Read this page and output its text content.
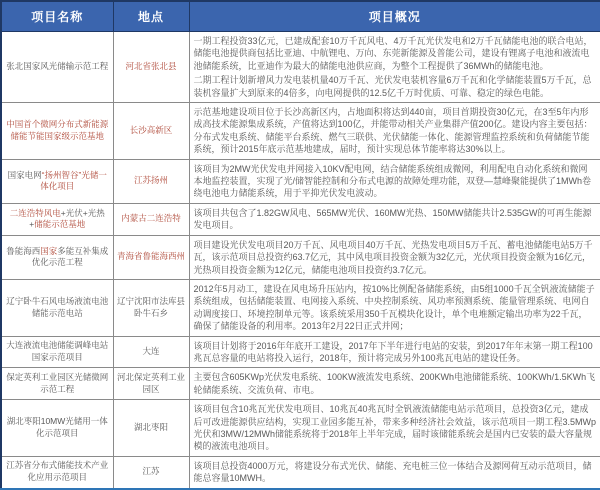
项目名称	地点	项目概况
张北国家风光储输示范工程	河北省张北县	一期工程投资33亿元，已建成配套10万千瓦风电、4万千瓦光伏发电和2万千瓦储能电池的联合电站，储能电池提供商包括比亚迪、中航锂电、万向、东莞新能源及普能公司，建设有锂离子电池和液流电池储能系统，比亚迪作为最大的储能电池供应商，为整个工程提供了36MWh的储能电池。
二期工程计划新增风力发电装机量40万千瓦、光伏发电装机容量6万千瓦和化学储能装置5万千瓦，总装机容量扩大到原来的4倍多，向电网提供的12.5亿千万时优质、可靠、稳定的绿色电能。

中国首个微网分布式新能源储能节能国家级示范基地	长沙高新区	示范基地建设项目位于长沙高新区内，占地面积将达到440亩，项目首期投资30亿元，在3至5年内形成高技术能源集成系统，产值将达到100亿，并能带动相关产业集群产值200亿。建设内容主要包括：分布式发电系统、储能平台系统、燃气三联供、光伏储能一体化、能源管理监控系统和负荷储能节能系统，预计2015年底示范基地建成，届时，预计实现总体节能率将达30%以上。

国家电网“扬州智谷”光储一体化项目	江苏扬州	该项目为2MW光伏发电并网接入10KV配电网，结合储能系统组成微网，利用配电自动化系统和微网本地监控装置，实现了光/储智能控制和分布式电源的故障处理功能，双登—慧峰聚能提供了1MWh卷绕电池电力储能系统，用于平抑光伏发电波动。

二连浩特风电+光伏+光热+储能示范基地	内蒙古二连浩特	该项目共包含了1.82GW风电、565MW光伏、160MW光热、150MW储能共计2.535GW的可再生能源发电项目。

鲁能海西国家多能互补集成优化示范工程	青海省鲁能海西州	项目建设光伏发电项目20万千瓦、风电项目40万千瓦、光热发电项目5万千瓦、蓄电池储能电站5万千瓦，该示范项目总投资约63.7亿元，其中风电项目投资金额为32亿元，光伏项目投资金额为16亿元，光热项目投资金额为12亿元，储能电池项目投资约3.7亿元。

辽宁卧牛石风电场液流电池储能示范电站	辽宁沈阳市法库县卧牛石乡	2012年5月动工，建设在风电场升压站内，按10%比例配备储能系统，由5组1000千瓦全钒液流储能子系统组成，包括储能装置、电网接入系统、中央控制系统、风功率预测系统、能量管理系统、电网自动调度接口、环境控制单元等。该系统采用350千瓦模块化设计，单个电堆额定输出功率为22千瓦，确保了储能设备的利用率。2013年2月22日正式并网；

大连液流电池储能调峰电站国家示范项目	大连	该项目计划将于2016年年底开工建设，2017年下半年进行电站的安装，到2017年年末第一期工程100兆瓦总容量的电站将投入运行，2018年，预计将完成另外100兆瓦电站的建设任务。

保定英利工业园区光储微网示范工程	河北保定英利工业园区	主要包含605KWp光伏发电系统、100KW液流发电系统、200KWh电池储能系统、100KWh/1.5KWh飞轮储能系统、交流负荷、市电。

湖北枣阳10MW光储用一体化示范项目	湖北枣阳	该项目包含10兆瓦光伏发电项目、10兆瓦40兆瓦时全钒液流储能电站示范项目，总投资3亿元，建成后可改进能源供应结构，实现工业园多能互补，带来多种经济社会效益，该示范项目一期工程3.5MWp光伏和3MW/12MWh储能系统将于2018年上半年完成，届时该储能系统会是国内已安装的最大容量规模的液流电池项目。

江苏省分布式储能技术产业化应用示范项目	江苏	该项目总投资4000万元，将建设分布式光伏、储能、充电桩三位一体结合及源网荷互动示范项目，储能总容量10MWH。
